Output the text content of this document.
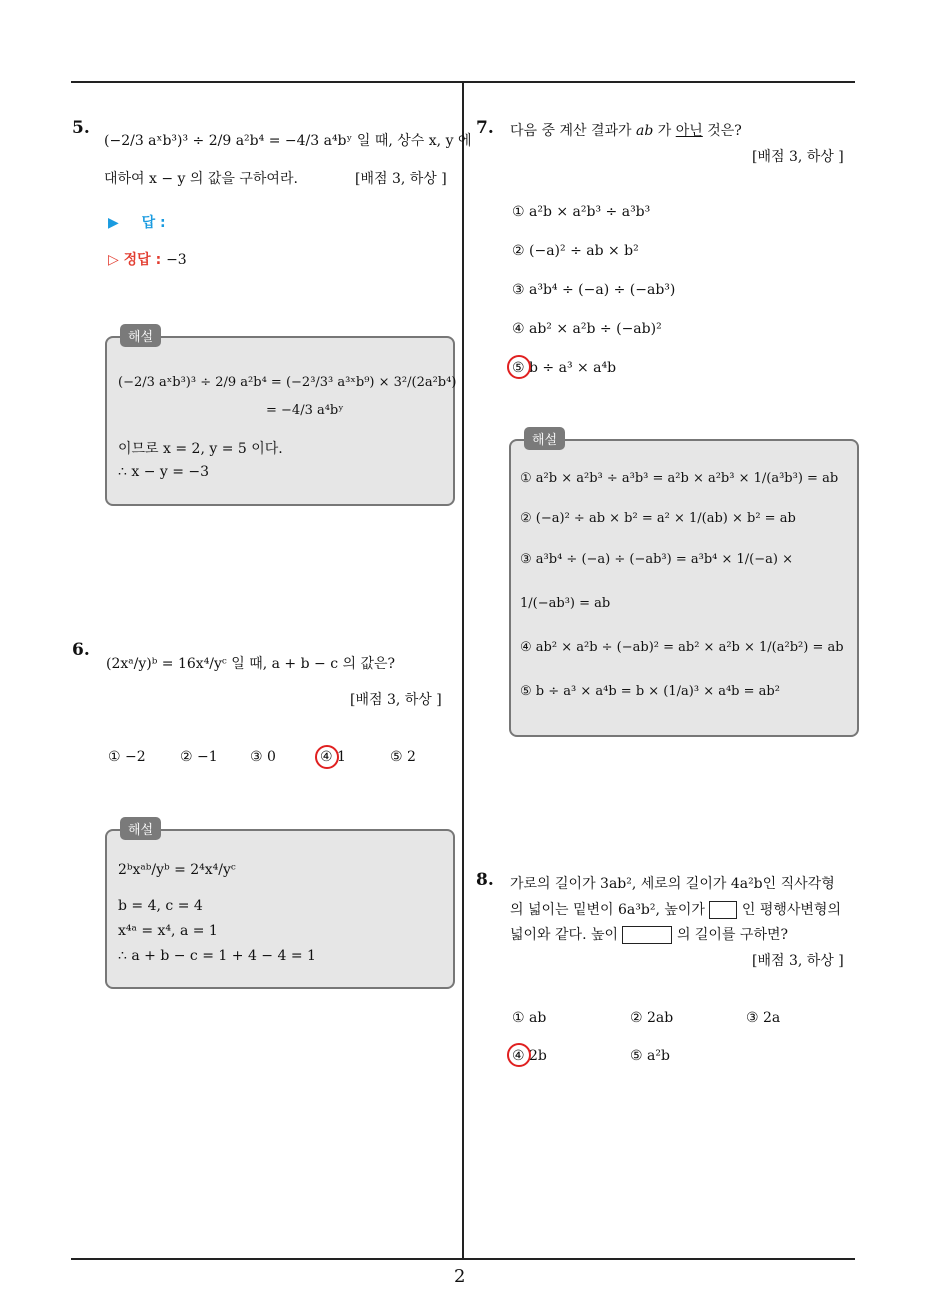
2
5.
(−2/3 aˣb³)³ ÷ 2/9 a²b⁴ = −4/3 a⁴bʸ 일 때, 상수 x, y 에
대하여 x − y 의 값을 구하여라.	[배점 3, 하상 ]
▶ 답 :
▷ 정답 : −3
해설
(−2/3 aˣb³)³ ÷ 2/9 a²b⁴ = (−2³/3³ a³ˣb⁹) × 3²/(2a²b⁴)
= −4/3 a⁴bʸ
이므로 x = 2, y = 5 이다.
∴ x − y = −3
6.
(2xᵃ/y)ᵇ = 16x⁴/yᶜ 일 때, a + b − c 의 값은?
[배점 3, 하상 ]
① −2 ② −1 ③ 0	④ 1	⑤ 2
해설
2ᵇxᵃᵇ/yᵇ = 2⁴x⁴/yᶜ
b = 4, c = 4
x⁴ᵃ = x⁴, a = 1
∴ a + b − c = 1 + 4 − 4 = 1
7. 다음 중 계산 결과가 ab 가 아닌 것은?
[배점 3, 하상 ]
① a²b × a²b³ ÷ a³b³
② (−a)² ÷ ab × b²
③ a³b⁴ ÷ (−a) ÷ (−ab³)
④ ab² × a²b ÷ (−ab)²
⑤ b ÷ a³ × a⁴b
해설
① a²b × a²b³ ÷ a³b³ = a²b × a²b³ × 1/(a³b³) = ab
② (−a)² ÷ ab × b² = a² × 1/(ab) × b² = ab
③ a³b⁴ ÷ (−a) ÷ (−ab³) = a³b⁴ × 1/(−a) ×
1/(−ab³) = ab
④ ab² × a²b ÷ (−ab)² = ab² × a²b × 1/(a²b²) = ab
⑤ b ÷ a³ × a⁴b = b × (1/a)³ × a⁴b = ab²
8. 가로의 길이가 3ab², 세로의 길이가 4a²b인 직사각형
의 넓이는 밑변이 6a³b², 높이가	인 평행사변형의
넓이와 같다. 높이	의 길이를 구하면?
[배점 3, 하상 ]
① ab	② 2ab	③ 2a
④ 2b	⑤ a²b
